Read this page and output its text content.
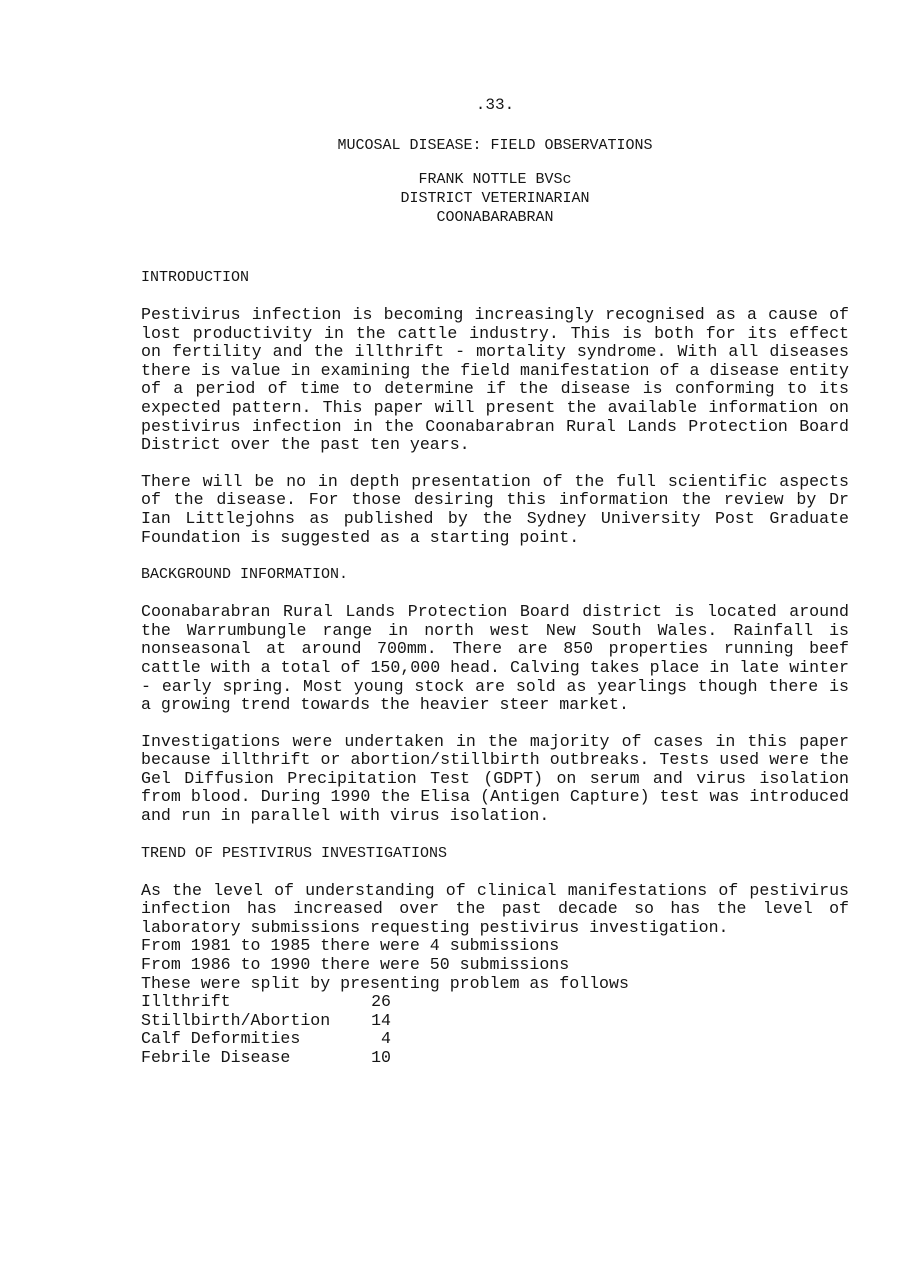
.33.

MUCOSAL DISEASE: FIELD OBSERVATIONS
FRANK NOTTLE BVSc
DISTRICT VETERINARIAN
COONABARABRAN
INTRODUCTION

Pestivirus infection is becoming increasingly recognised as a cause of lost productivity in the cattle industry. This is both for its effect on fertility and the illthrift - mortality syndrome. With all diseases there is value in examining the field manifestation of a disease entity of a period of time to determine if the disease is conforming to its expected pattern. This paper will present the available information on pestivirus infection in the Coonabarabran Rural Lands Protection Board District over the past ten years.

There will be no in depth presentation of the full scientific aspects of the disease. For those desiring this information the review by Dr Ian Littlejohns as published by the Sydney University Post Graduate Foundation is suggested as a starting point.

BACKGROUND INFORMATION.

Coonabarabran Rural Lands Protection Board district is located around the Warrumbungle range in north west New South Wales. Rainfall is nonseasonal at around 700mm. There are 850 properties running beef cattle with a total of 150,000 head. Calving takes place in late winter - early spring. Most young stock are sold as yearlings though there is a growing trend towards the heavier steer market.

Investigations were undertaken in the majority of cases in this paper because illthrift or abortion/stillbirth outbreaks. Tests used were the Gel Diffusion Precipitation Test (GDPT) on serum and virus isolation from blood. During 1990 the Elisa (Antigen Capture) test was introduced and run in parallel with virus isolation.

TREND OF PESTIVIRUS INVESTIGATIONS

As the level of understanding of clinical manifestations of pestivirus infection has increased over the past decade so has the level of laboratory submissions requesting pestivirus investigation.

From 1981 to 1985 there were 4 submissions
From 1986 to 1990 there were 50 submissions
These were split by presenting problem as follows
Illthrift	26
Stillbirth/Abortion	14
Calf Deformities	4
Febrile Disease	10
